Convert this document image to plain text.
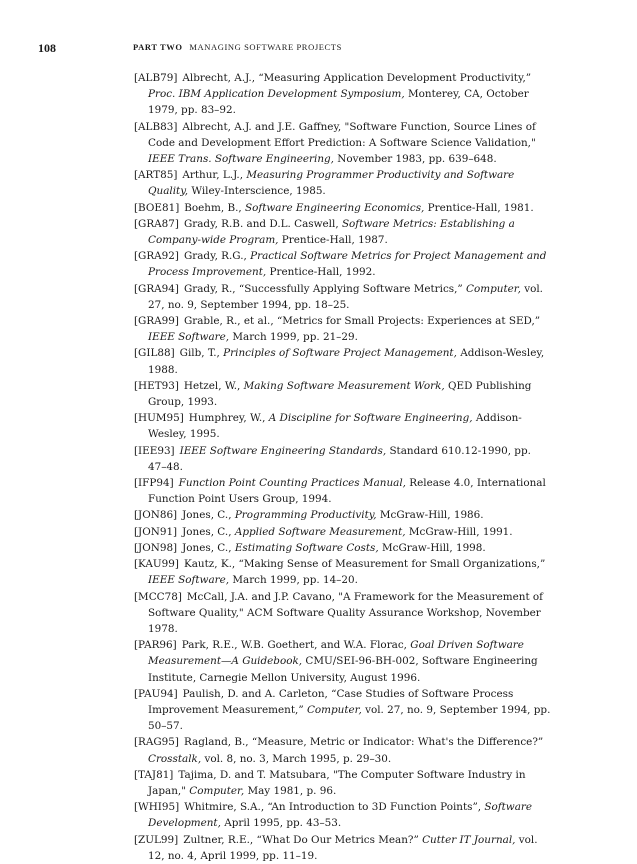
108	PART TWO MANAGING SOFTWARE PROJECTS

[ALB79] Albrecht, A.J., “Measuring Application Development Productivity,” Proc. IBM Application Development Symposium, Monterey, CA, October 1979, pp. 83–92.

[ALB83] Albrecht, A.J. and J.E. Gaffney, "Software Function, Source Lines of Code and Development Effort Prediction: A Software Science Validation," IEEE Trans. Software Engineering, November 1983, pp. 639–648.

[ART85] Arthur, L.J., Measuring Programmer Productivity and Software Quality, Wiley-Interscience, 1985.

[BOE81] Boehm, B., Software Engineering Economics, Prentice-Hall, 1981.

[GRA87] Grady, R.B. and D.L. Caswell, Software Metrics: Establishing a Company-wide Program, Prentice-Hall, 1987.

[GRA92] Grady, R.G., Practical Software Metrics for Project Management and Process Improvement, Prentice-Hall, 1992.

[GRA94] Grady, R., “Successfully Applying Software Metrics,” Computer, vol. 27, no. 9, September 1994, pp. 18–25.

[GRA99] Grable, R., et al., “Metrics for Small Projects: Experiences at SED,” IEEE Software, March 1999, pp. 21–29.

[GIL88] Gilb, T., Principles of Software Project Management, Addison-Wesley, 1988.

[HET93] Hetzel, W., Making Software Measurement Work, QED Publishing Group, 1993.

[HUM95] Humphrey, W., A Discipline for Software Engineering, Addison-Wesley, 1995.

[IEE93] IEEE Software Engineering Standards, Standard 610.12-1990, pp. 47–48.

[IFP94] Function Point Counting Practices Manual, Release 4.0, International Function Point Users Group, 1994.

[JON86] Jones, C., Programming Productivity, McGraw-Hill, 1986.

[JON91] Jones, C., Applied Software Measurement, McGraw-Hill, 1991.

[JON98] Jones, C., Estimating Software Costs, McGraw-Hill, 1998.

[KAU99] Kautz, K., “Making Sense of Measurement for Small Organizations,” IEEE Software, March 1999, pp. 14–20.

[MCC78] McCall, J.A. and J.P. Cavano, "A Framework for the Measurement of Software Quality," ACM Software Quality Assurance Workshop, November 1978.

[PAR96] Park, R.E., W.B. Goethert, and W.A. Florac, Goal Driven Software Measurement—A Guidebook, CMU/SEI-96-BH-002, Software Engineering Institute, Carnegie Mellon University, August 1996.

[PAU94] Paulish, D. and A. Carleton, “Case Studies of Software Process Improvement Measurement,” Computer, vol. 27, no. 9, September 1994, pp. 50–57.

[RAG95] Ragland, B., “Measure, Metric or Indicator: What's the Difference?” Crosstalk, vol. 8, no. 3, March 1995, p. 29–30.

[TAJ81] Tajima, D. and T. Matsubara, "The Computer Software Industry in Japan," Computer, May 1981, p. 96.

[WHI95] Whitmire, S.A., “An Introduction to 3D Function Points”, Software Development, April 1995, pp. 43–53.

[ZUL99] Zultner, R.E., “What Do Our Metrics Mean?” Cutter IT Journal, vol. 12, no. 4, April 1999, pp. 11–19.
